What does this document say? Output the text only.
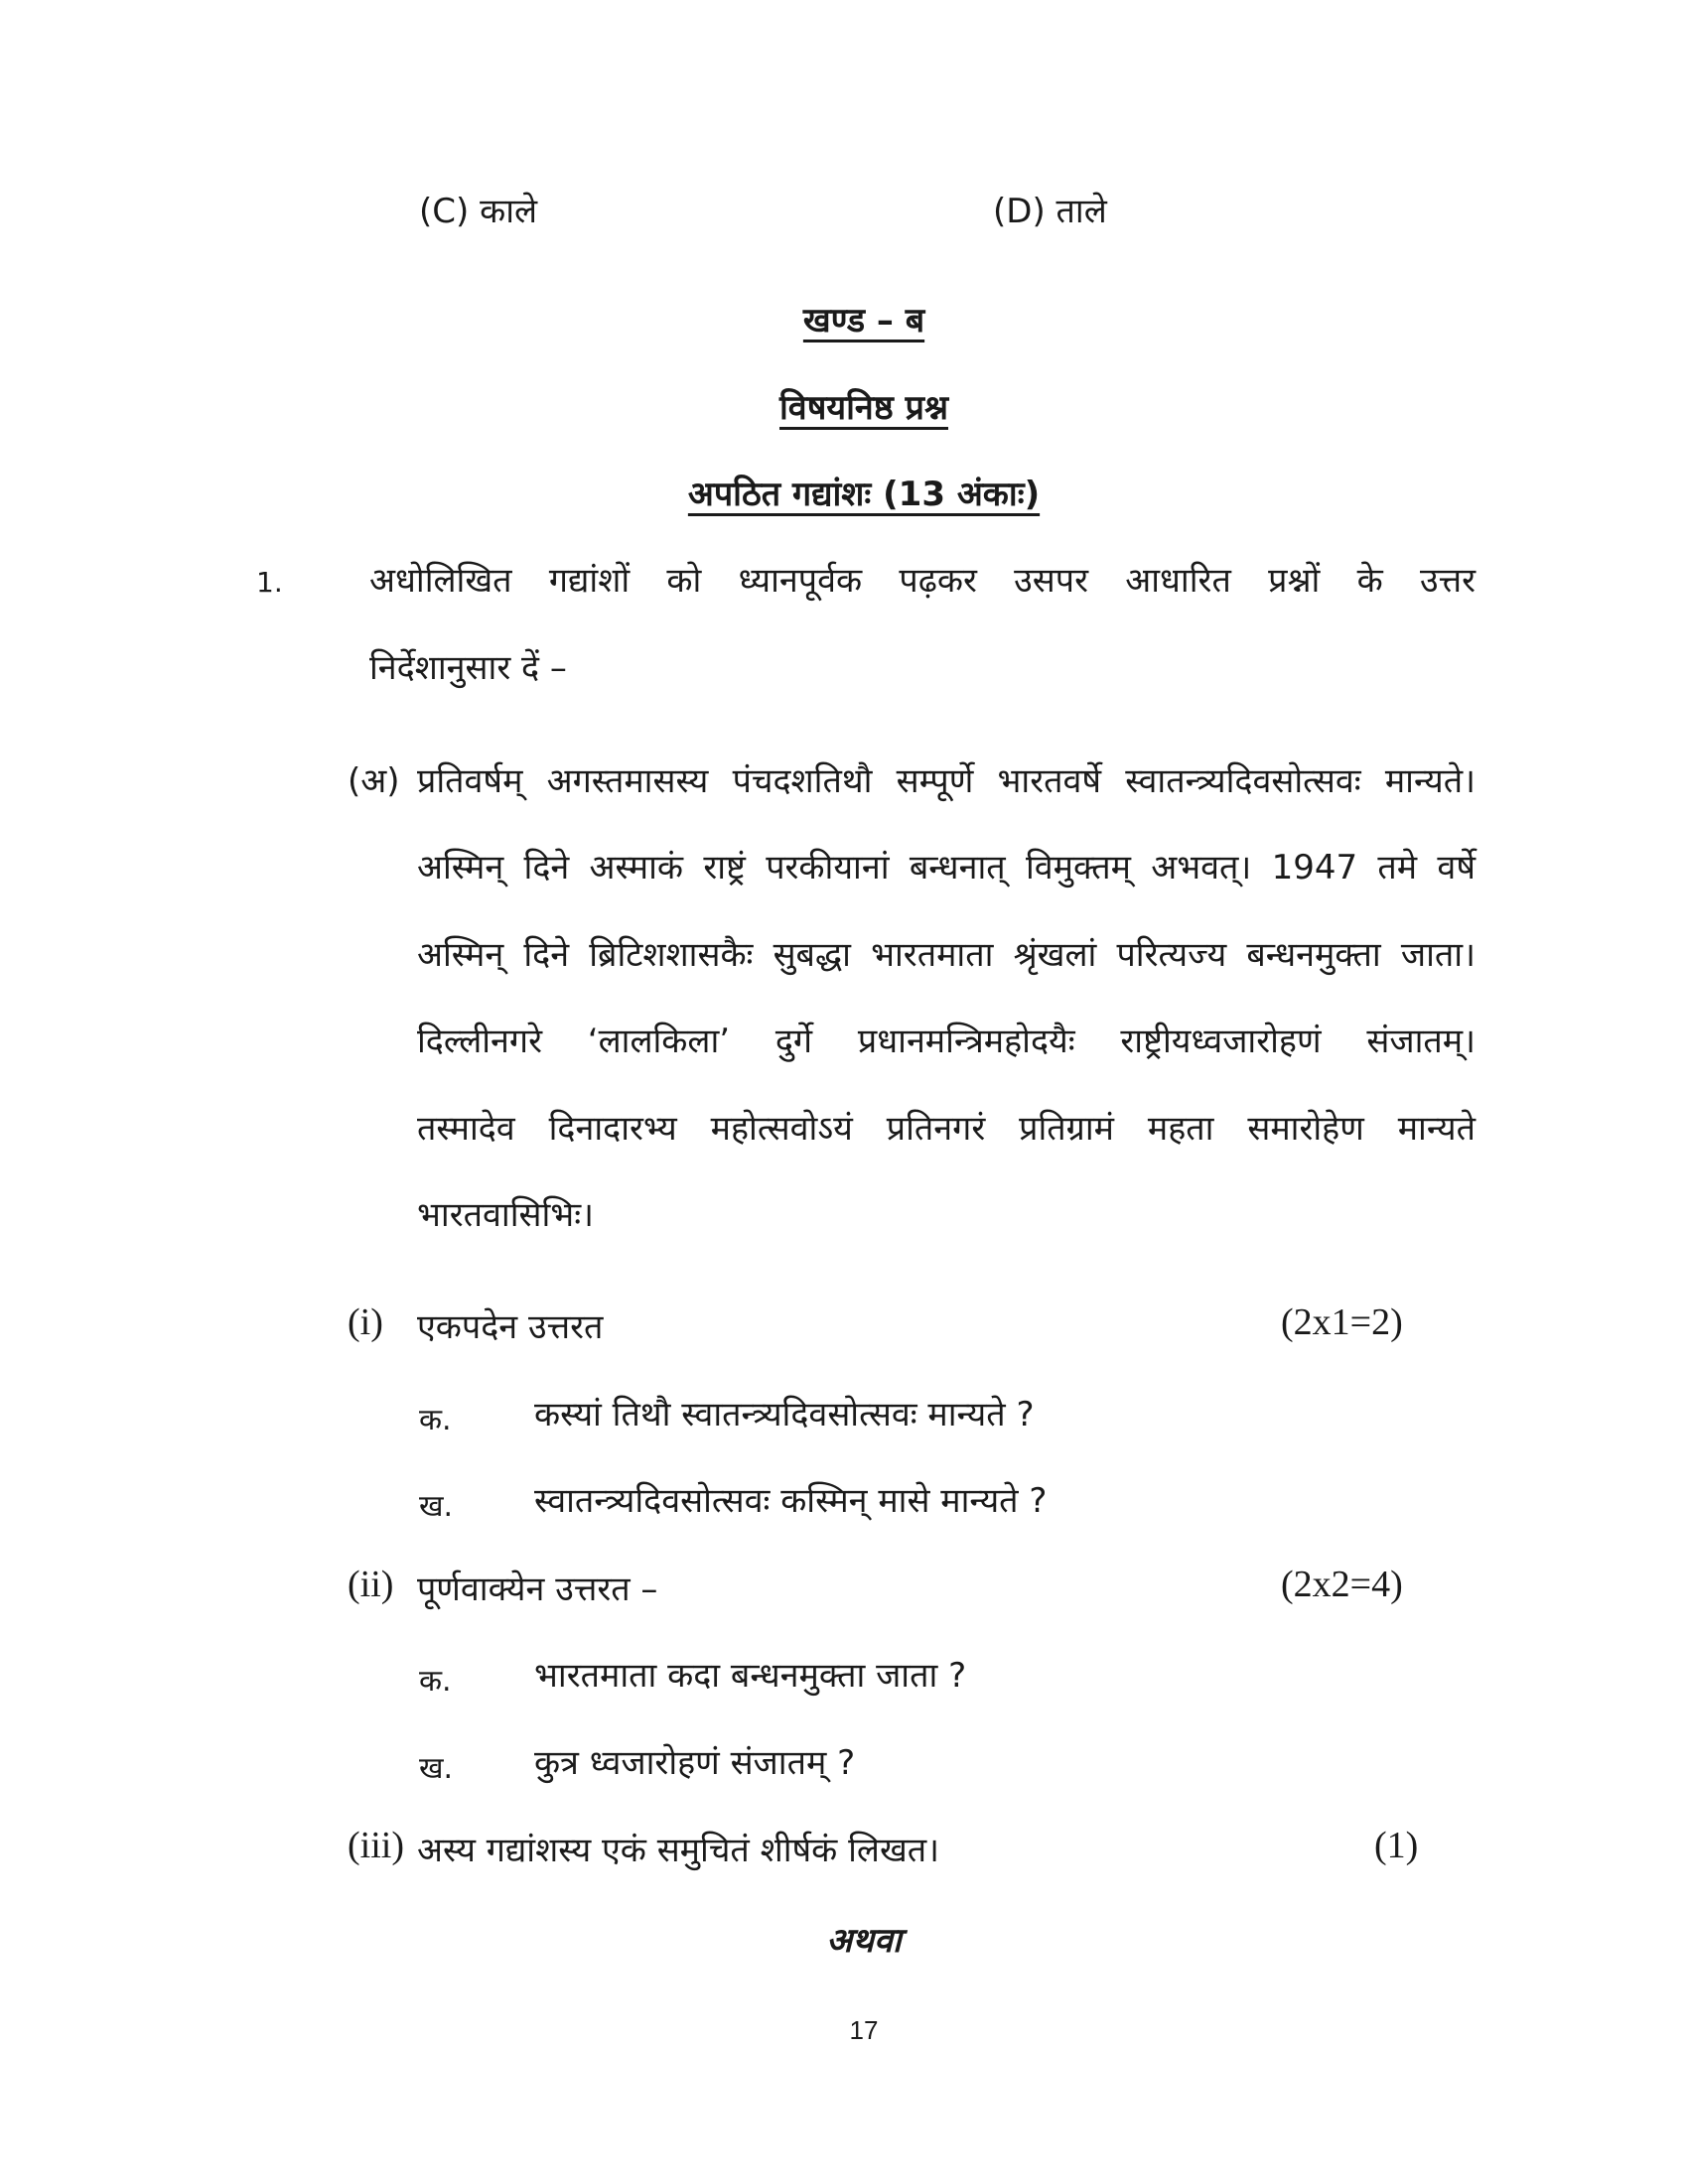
(C) काले	(D) ताले
खण्ड – ब
विषयनिष्ठ प्रश्न
अपठित गद्यांशः (13 अंकाः)
1.	अधोलिखित गद्यांशों को ध्यानपूर्वक पढ़कर उसपर आधारित प्रश्नों के उत्तर
निर्देशानुसार दें –
(अ) प्रतिवर्षम् अगस्तमासस्य पंचदशतिथौ सम्पूर्णे भारतवर्षे स्वातन्त्र्यदिवसोत्सवः मान्यते।
अस्मिन् दिने अस्माकं राष्ट्रं परकीयानां बन्धनात् विमुक्तम् अभवत्। 1947 तमे वर्षे
अस्मिन् दिने ब्रिटिशशासकैः सुबद्धा भारतमाता श्रृंखलां परित्यज्य बन्धनमुक्ता जाता।
दिल्लीनगरे ‘लालकिला’ दुर्गे प्रधानमन्त्रिमहोदयैः राष्ट्रीयध्वजारोहणं संजातम्।
तस्मादेव दिनादारभ्य महोत्सवोऽयं प्रतिनगरं प्रतिग्रामं महता समारोहेण मान्यते
भारतवासिभिः।
(i) एकपदेन उत्तरत	(2x1=2)
क. कस्यां तिथौ स्वातन्त्र्यदिवसोत्सवः मान्यते ?
ख. स्वातन्त्र्यदिवसोत्सवः कस्मिन् मासे मान्यते ?
(ii) पूर्णवाक्येन उत्तरत –	(2x2=4)
क. भारतमाता कदा बन्धनमुक्ता जाता ?
ख. कुत्र ध्वजारोहणं संजातम् ?
(iii) अस्य गद्यांशस्य एकं समुचितं शीर्षकं लिखत।	(1)
अथवा
17
